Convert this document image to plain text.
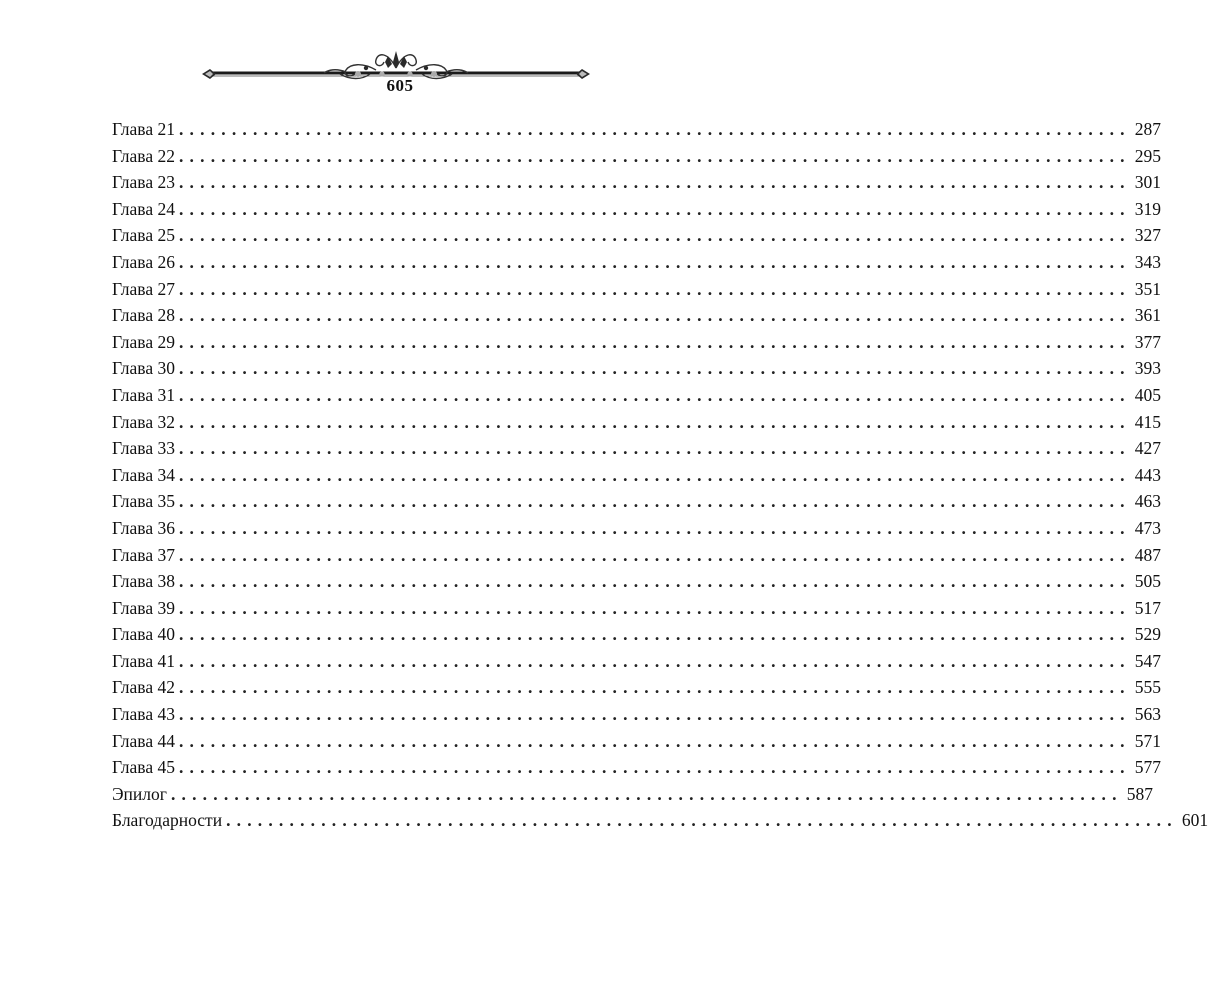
605
Глава 21 .......................................................................................... 287
Глава 22 .......................................................................................... 295
Глава 23 .......................................................................................... 301
Глава 24 .......................................................................................... 319
Глава 25 .......................................................................................... 327
Глава 26 .......................................................................................... 343
Глава 27 .......................................................................................... 351
Глава 28 .......................................................................................... 361
Глава 29 .......................................................................................... 377
Глава 30 .......................................................................................... 393
Глава 31 .......................................................................................... 405
Глава 32 .......................................................................................... 415
Глава 33 .......................................................................................... 427
Глава 34 .......................................................................................... 443
Глава 35 .......................................................................................... 463
Глава 36 .......................................................................................... 473
Глава 37 .......................................................................................... 487
Глава 38 .......................................................................................... 505
Глава 39 .......................................................................................... 517
Глава 40 .......................................................................................... 529
Глава 41 .......................................................................................... 547
Глава 42 .......................................................................................... 555
Глава 43 .......................................................................................... 563
Глава 44 .......................................................................................... 571
Глава 45 .......................................................................................... 577
Эпилог .......................................................................................... 587
Благодарности .......................................................................................... 601
